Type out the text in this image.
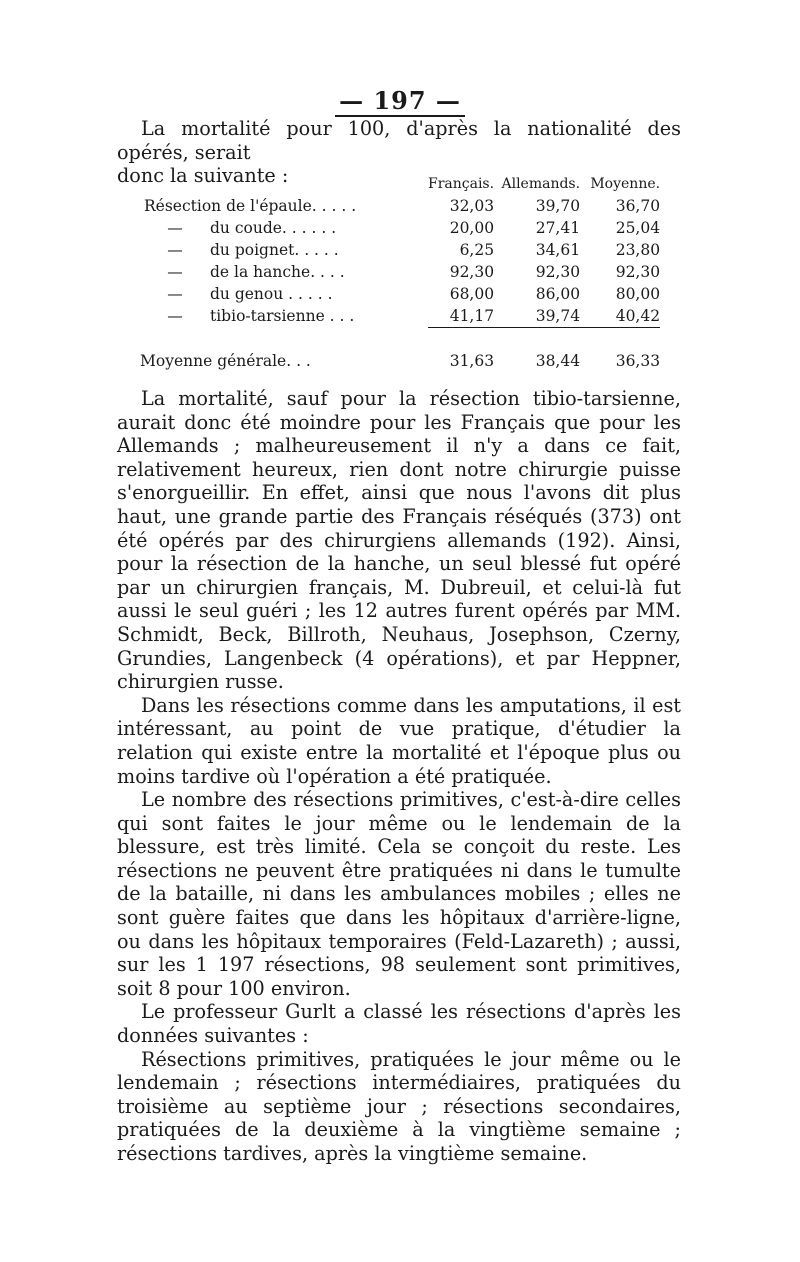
— 197 —

La mortalité pour 100, d'après la nationalité des opérés, serait

donc la suivante :

		Français.	Allemands.	Moyenne.
Résection de l'épaule. . . . .	32,03	39,70	36,70
— du coude. . . . . .	20,00	27,41	25,04
— du poignet. . . . .	6,25	34,61	23,80
— de la hanche. . . .	92,30	92,30	92,30
— du genou . . . . .	68,00	86,00	80,00
— tibio-tarsienne . . .	41,17	39,74	40,42

Moyenne générale. . .	31,63	38,44	36,33

La mortalité, sauf pour la résection tibio-tarsienne, aurait donc été moindre pour les Français que pour les Allemands ; malheureusement il n'y a dans ce fait, relativement heureux, rien dont notre chirurgie puisse s'enorgueillir. En effet, ainsi que nous l'avons dit plus haut, une grande partie des Français réséqués (373) ont été opérés par des chirurgiens allemands (192). Ainsi, pour la résection de la hanche, un seul blessé fut opéré par un chirurgien français, M. Dubreuil, et celui-là fut aussi le seul guéri ; les 12 autres furent opérés par MM. Schmidt, Beck, Billroth, Neuhaus, Josephson, Czerny, Grundies, Langenbeck (4 opérations), et par Heppner, chirurgien russe.

Dans les résections comme dans les amputations, il est intéressant, au point de vue pratique, d'étudier la relation qui existe entre la mortalité et l'époque plus ou moins tardive où l'opération a été pratiquée.

Le nombre des résections primitives, c'est-à-dire celles qui sont faites le jour même ou le lendemain de la blessure, est très limité. Cela se conçoit du reste. Les résections ne peuvent être pratiquées ni dans le tumulte de la bataille, ni dans les ambulances mobiles ; elles ne sont guère faites que dans les hôpitaux d'arrière-ligne, ou dans les hôpitaux temporaires (Feld-Lazareth) ; aussi, sur les 1 197 résections, 98 seulement sont primitives, soit 8 pour 100 environ.

Le professeur Gurlt a classé les résections d'après les données suivantes :

Résections primitives, pratiquées le jour même ou le lendemain ; résections intermédiaires, pratiquées du troisième au septième jour ; résections secondaires, pratiquées de la deuxième à la vingtième semaine ; résections tardives, après la vingtième semaine.
